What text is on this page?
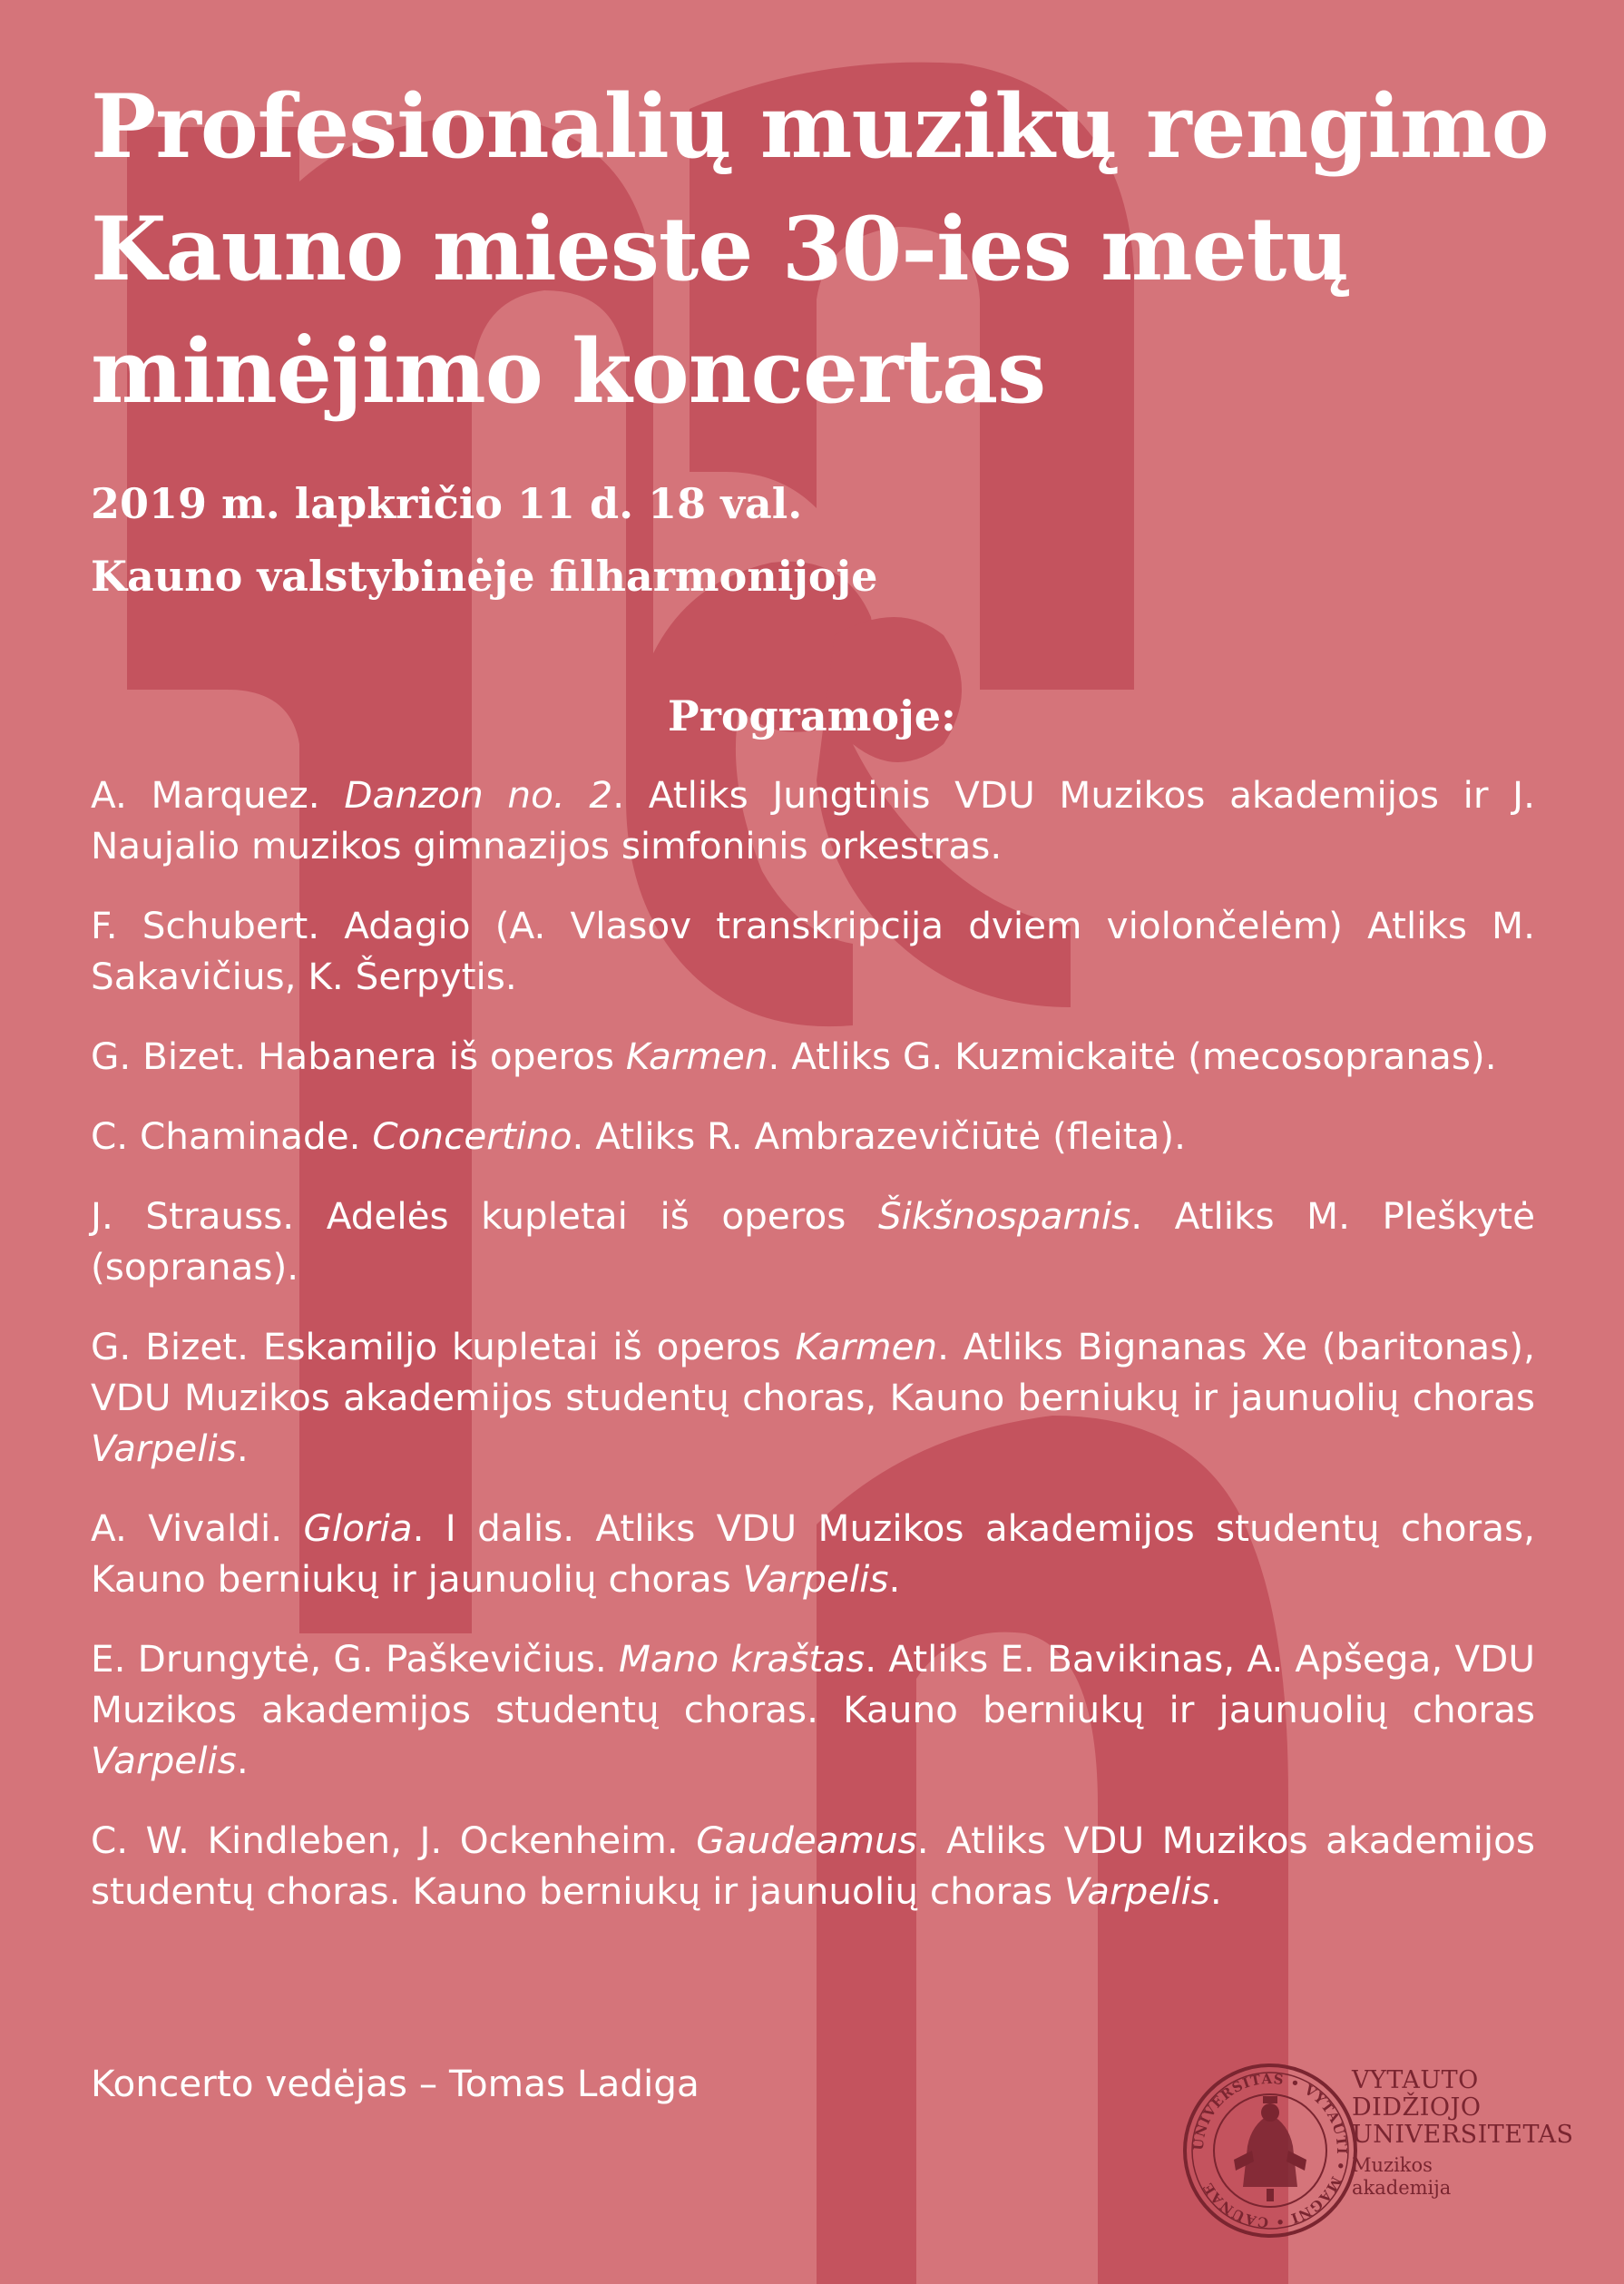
Profesionalių muzikų rengimo
Kauno mieste 30-ies metų
minėjimo koncertas
2019 m. lapkričio 11 d. 18 val.
Kauno valstybinėje filharmonijoje
Programoje:

A. Marquez. Danzon no. 2. Atliks Jungtinis VDU Muzikos akademijos ir J. Naujalio muzikos gimnazijos simfoninis orkestras.

F. Schubert. Adagio (A. Vlasov transkripcija dviem violončelėm) Atliks M. Sakavičius, K. Šerpytis.

G. Bizet. Habanera iš operos Karmen. Atliks G. Kuzmickaitė (mecosopranas).

C. Chaminade. Concertino. Atliks R. Ambrazevičiūtė (fleita).

J. Strauss. Adelės kupletai iš operos Šikšnosparnis. Atliks M. Pleškytė (sopranas).

G. Bizet. Eskamiljo kupletai iš operos Karmen. Atliks Bignanas Xe (baritonas), VDU Muzikos akademijos studentų choras, Kauno berniukų ir jaunuolių choras Varpelis.

A. Vivaldi. Gloria. I dalis. Atliks VDU Muzikos akademijos studentų choras, Kauno berniukų ir jaunuolių choras Varpelis.

E. Drungytė, G. Paškevičius. Mano kraštas. Atliks E. Bavikinas, A. Apšega, VDU Muzikos akademijos studentų choras. Kauno berniukų ir jaunuolių choras Varpelis.

C. W. Kindleben, J. Ockenheim. Gaudeamus. Atliks VDU Muzikos akademijos studentų choras. Kauno berniukų ir jaunuolių choras Varpelis.

Koncerto vedėjas – Tomas Ladiga
UNIVERSITAS • VYTAUTI • MAGNI • CAUNAE
VYTAUTO
DIDŽIOJO
UNIVERSITETAS
Muzikos
akademija
